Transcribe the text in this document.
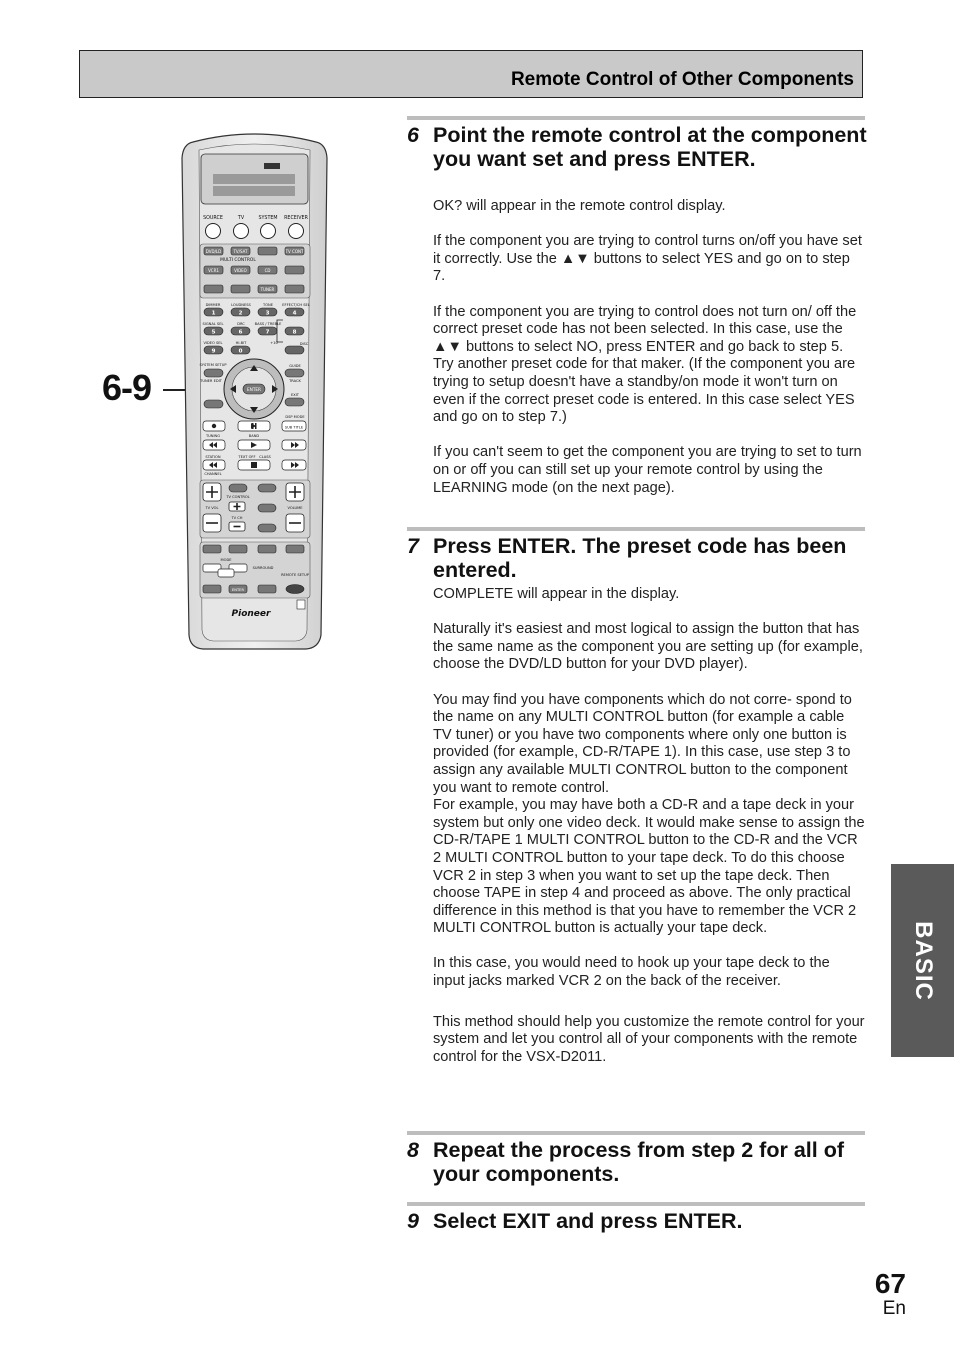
Remote Control of Other Components
BASIC
6-9
SOURCE	TV	SYSTEM RECEIVER
DVD/LD	TV/SAT	TV CONT
VCR1	VIDEO	CD
TUNER
MULTI CONTROL
DIMMER	LOUDNESS	TONE	EFFECT/CH SEL
SIGNAL SEL	DRC	BASS / TREBLE
VIDEO SEL	HI-BIT	+10	DISC
1	2	3	4
5	6	7	8
9	0
SYSTEM SETUP
TUNER EDIT
GUIDE
EXIT
TRACK
ENTER
DSP MODE
TUNING	BAND
STATION	TEXT OFF CLASS
CHANNEL
SUB TITLE
TV CONTROL
TV VOL	VOLUME
TV CH
ENTER
MODE
SURROUND
REMOTE SETUP
Pioneer
6 Point the remote control at the component you want set and press ENTER.

OK? will appear in the remote control display.

If the component you are trying to control turns on/off you have set it correctly. Use the ▲▼ buttons to select YES and go on to step 7.

If the component you are trying to control does not turn on/ off the correct preset code has not been selected. In this case, use the ▲▼ buttons to select NO, press ENTER and go back to step 5. Try another preset code for that maker. (If the component you are trying to setup doesn't have a standby/on mode it won't turn on even if the correct preset code is entered. In this case select YES and go on to step 7.)

If you can't seem to get the component you are trying to set to turn on or off you can still set up your remote control by using the LEARNING mode (on the next page).

7 Press ENTER. The preset code has been entered.

COMPLETE will appear in the display.

Naturally it's easiest and most logical to assign the button that has the same name as the component you are setting up (for example, choose the DVD/LD button for your DVD player).

You may find you have components which do not corre- spond to the name on any MULTI CONTROL button (for example a cable TV tuner) or you have two components where only one button is provided (for example, CD-R/TAPE 1). In this case, use step 3 to assign any available MULTI CONTROL button to the component you want to remote control.

For example, you may have both a CD-R and a tape deck in your system but only one video deck. It would make sense to assign the CD-R/TAPE 1 MULTI CONTROL button to the CD-R and the VCR 2 MULTI CONTROL button to your tape deck. To do this choose VCR 2 in step 3 when you want to set up the tape deck. Then choose TAPE in step 4 and proceed as above. The only practical difference in this method is that you have to remember the VCR 2 MULTI CONTROL button is actually your tape deck.

In this case, you would need to hook up your tape deck to the input jacks marked VCR 2 on the back of the receiver.

This method should help you customize the remote control for your system and let you control all of your components with the remote control for the VSX-D2011.

8 Repeat the process from step 2 for all of your components.
9 Select EXIT and press ENTER.
67
En
